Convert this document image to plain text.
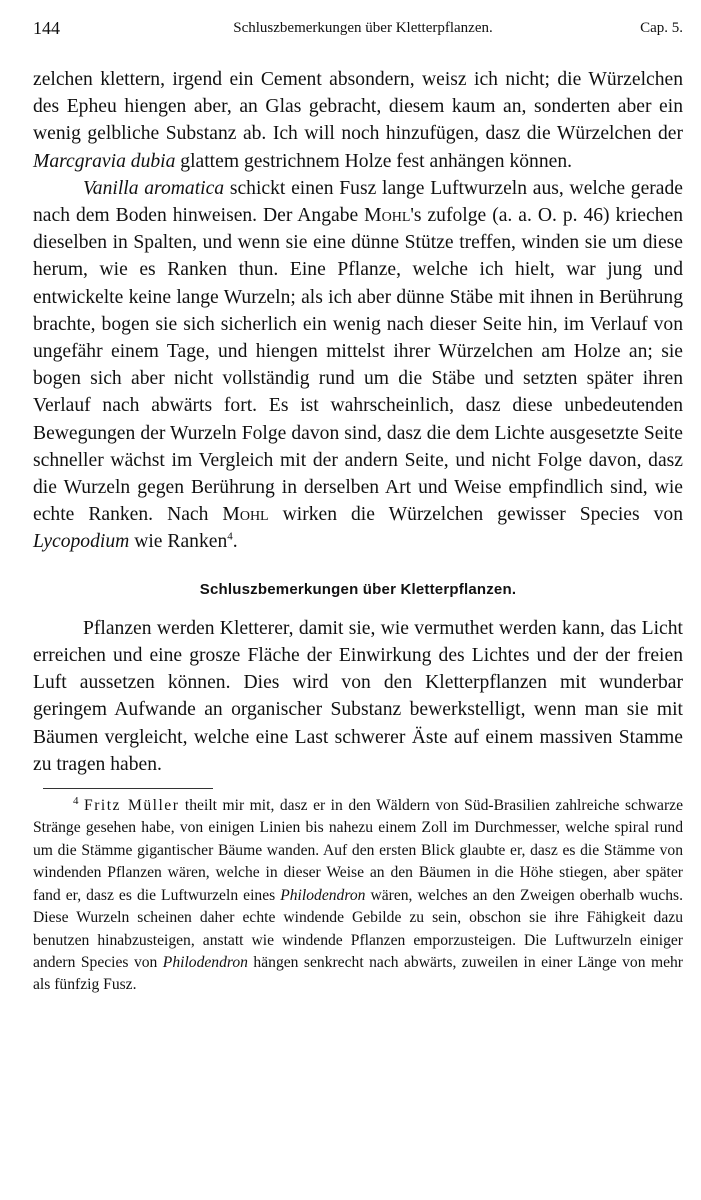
144	Schluszbemerkungen über Kletterpflanzen.	Cap. 5.

zelchen klettern, irgend ein Cement absondern, weisz ich nicht; die Würzelchen des Epheu hiengen aber, an Glas gebracht, diesem kaum an, sonderten aber ein wenig gelbliche Substanz ab. Ich will noch hinzufügen, dasz die Würzelchen der Marcgravia dubia glattem gestrichnem Holze fest anhängen können.

Vanilla aromatica schickt einen Fusz lange Luftwurzeln aus, welche gerade nach dem Boden hinweisen. Der Angabe Mohl's zufolge (a. a. O. p. 46) kriechen dieselben in Spalten, und wenn sie eine dünne Stütze treffen, winden sie um diese herum, wie es Ranken thun. Eine Pflanze, welche ich hielt, war jung und entwickelte keine lange Wurzeln; als ich aber dünne Stäbe mit ihnen in Berührung brachte, bogen sie sich sicherlich ein wenig nach dieser Seite hin, im Verlauf von ungefähr einem Tage, und hiengen mittelst ihrer Würzelchen am Holze an; sie bogen sich aber nicht vollständig rund um die Stäbe und setzten später ihren Verlauf nach abwärts fort. Es ist wahrscheinlich, dasz diese unbedeutenden Bewegungen der Wurzeln Folge davon sind, dasz die dem Lichte ausgesetzte Seite schneller wächst im Vergleich mit der andern Seite, und nicht Folge davon, dasz die Wurzeln gegen Berührung in derselben Art und Weise empfindlich sind, wie echte Ranken. Nach Mohl wirken die Würzelchen gewisser Species von Lycopodium wie Ranken$^4$.

Schluszbemerkungen über Kletterpflanzen.

Pflanzen werden Kletterer, damit sie, wie vermuthet werden kann, das Licht erreichen und eine grosze Fläche der Einwirkung des Lichtes und der der freien Luft aussetzen können. Dies wird von den Kletterpflanzen mit wunderbar geringem Aufwande an organischer Substanz bewerkstelligt, wenn man sie mit Bäumen vergleicht, welche eine Last schwerer Äste auf einem massiven Stamme zu tragen haben.

$^4$ Fritz Müller theilt mir mit, dasz er in den Wäldern von Süd-Brasilien zahlreiche schwarze Stränge gesehen habe, von einigen Linien bis nahezu einem Zoll im Durchmesser, welche spiral rund um die Stämme gigantischer Bäume wanden. Auf den ersten Blick glaubte er, dasz es die Stämme von windenden Pflanzen wären, welche in dieser Weise an den Bäumen in die Höhe stiegen, aber später fand er, dasz es die Luftwurzeln eines Philodendron wären, welches an den Zweigen oberhalb wuchs. Diese Wurzeln scheinen daher echte windende Gebilde zu sein, obschon sie ihre Fähigkeit dazu benutzen hinabzusteigen, anstatt wie windende Pflanzen emporzusteigen. Die Luftwurzeln einiger andern Species von Philodendron hängen senkrecht nach abwärts, zuweilen in einer Länge von mehr als fünfzig Fusz.
